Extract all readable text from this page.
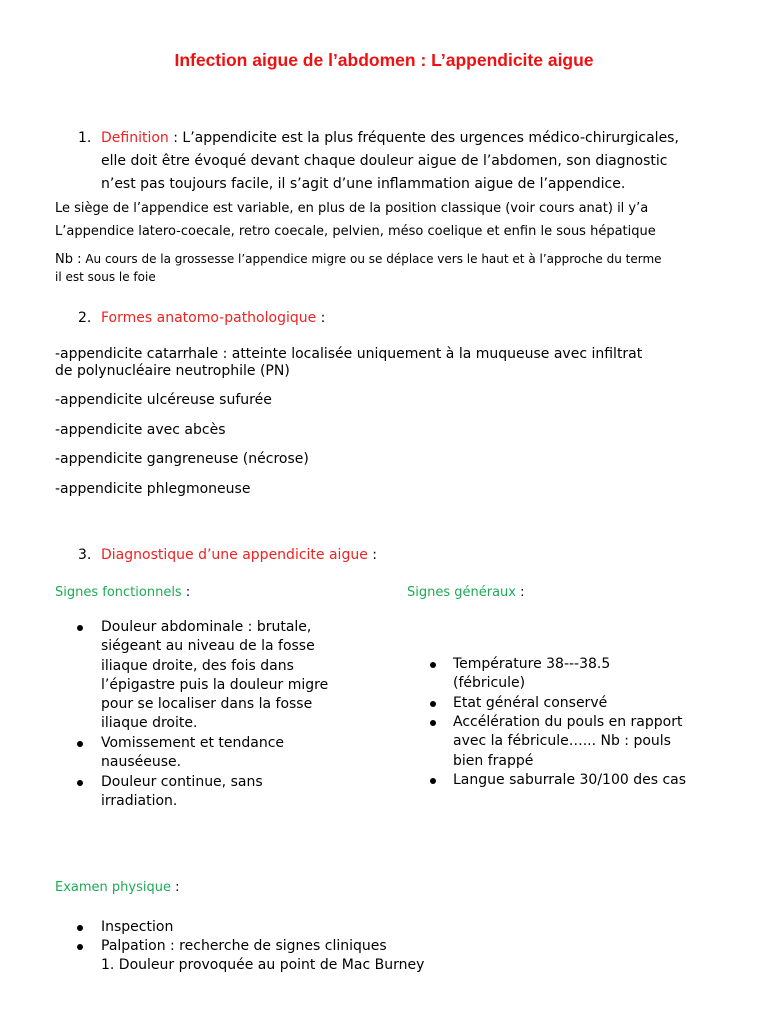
Infection aigue de l’abdomen : L’appendicite aigue
1. Definition : L’appendicite est la plus fréquente des urgences médico-chirurgicales,
elle doit être évoqué devant chaque douleur aigue de l’abdomen, son diagnostic
n’est pas toujours facile, il s’agit d’une inflammation aigue de l’appendice.
Le siège de l’appendice est variable, en plus de la position classique (voir cours anat) il y’a
L’appendice latero-coecale, retro coecale, pelvien, méso coelique et enfin le sous hépatique
Nb : Au cours de la grossesse l’appendice migre ou se déplace vers le haut et à l’approche du terme
il est sous le foie
2. Formes anatomo-pathologique :
-appendicite catarrhale : atteinte localisée uniquement à la muqueuse avec infiltrat
de polynucléaire neutrophile (PN)
-appendicite ulcéreuse sufurée
-appendicite avec abcès
-appendicite gangreneuse (nécrose)
-appendicite phlegmoneuse
3. Diagnostique d’une appendicite aigue :
Signes fonctionnels :
Douleur abdominale : brutale,
siégeant au niveau de la fosse
iliaque droite, des fois dans
l’épigastre puis la douleur migre
pour se localiser dans la fosse
iliaque droite.
Vomissement et tendance
nauséeuse.
Douleur continue, sans
irradiation.
Signes généraux :
Température 38---38.5
(fébricule)
Etat général conservé
Accélération du pouls en rapport
avec la fébricule…... Nb : pouls
bien frappé
Langue saburrale 30/100 des cas
Examen physique :
Inspection
Palpation : recherche de signes cliniques
1. Douleur provoquée au point de Mac Burney
